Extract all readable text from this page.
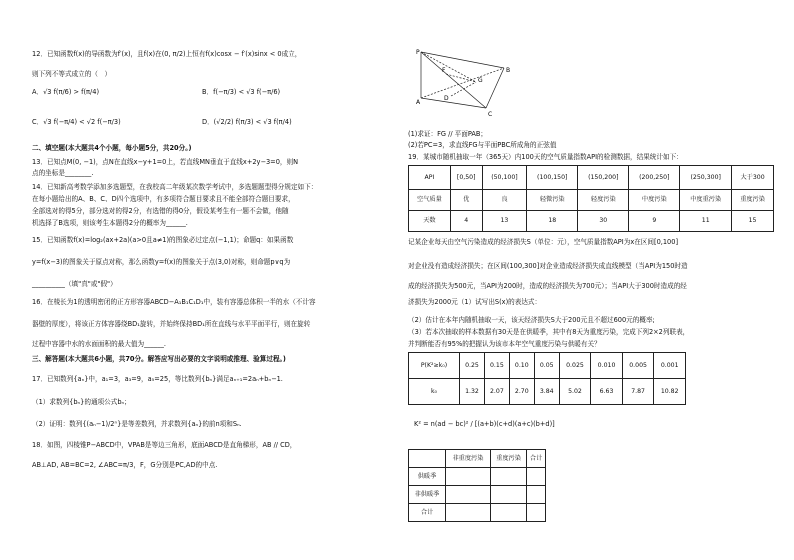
12．已知函数f(x)的导函数为f′(x)，且f(x)在(0, π/2)上恒有f(x)cosx − f′(x)sinx < 0成立，
则下列不等式成立的（　）
A．√3 f(π/6) > f(π/4)	B．f(−π/3) < √3 f(−π/6)
C．√3 f(−π/4) < √2 f(−π/3)	D．(√2/2) f(π/3) < √3 f(π/4)
二、填空题(本大题共4个小题，每小题5分，共20分。)
13．已知点M(0, −1)，点N在直线x−y+1=0上，若直线MN垂直于直线x+2y−3=0，则N
点的坐标是________.
14．已知新高考数学添加多选题型，在我校高二年级某次数学考试中，多选题题型得分规定如下：
在每小题给出的A、B、C、D四个选项中，有多项符合题目要求且不能全部符合题目要求，
全部选对的得5分，部分选对的得2分，有选错的得0分，假设某考生有一题不会做，他随
机选择了B选项，则该考生本题得2分的概率为______.
15．已知函数f(x)=log₂(ax+2a)(a>0且a≠1)的图象必过定点(−1,1)；命题q：如果函数
y=f(x−3)的图象关于原点对称，那么函数y=f(x)的图象关于点(3,0)对称，则命题p∨q为
__________（填"真"或"假"）
16．在棱长为1的透明密闭的正方形容器ABCD−A₁B₁C₁D₁中，装有容器总体积一半的水（不计容
器壁的厚度），将该正方体容器绕BD₁旋转，并始终保持BD₁所在直线与水平平面平行，则在旋转
过程中容器中水的水面面积的最大值为______.
三、解答题(本大题共6小题，共70分。解答应写出必要的文字说明或推理、验算过程。)
17．已知数列{aₙ}中，a₁=3，a₃=9，a₅=25，等比数列{bₙ}满足aₙ₊₁=2aₙ+bₙ−1.
（1）求数列{bₙ}的通项公式bₙ；
（2）证明：数列{(aₙ−1)/2ⁿ}是等差数列，并求数列{aₙ}的前n项和Sₙ.
18．如图，四棱锥P−ABCD中，VPAB是等边三角形，底面ABCD是直角梯形，AB // CD，
AB⊥AD, AB=BC=2, ∠ABC=π/3，F，G分别是PC,AD的中点.
P
F
G
A
B
C
D
(1)求证：FG // 平面PAB；
(2)若PC=3，求直线FG与平面PBC所成角的正弦值
19．某城市随机抽取一年（365天）内100天的空气质量指数API的检测数据，结果统计如下：
API	[0,50]	(50,100]	(100,150]	(150,200]	(200,250]	(250,300]	大于300
空气质量	优	良	轻微污染	轻度污染	中度污染	中度重污染	重度污染
天数	4	13	18	30	9	11	15
记某企业每天由空气污染造成的经济损失S（单位：元），空气质量指数API为x在区间[0,100]
对企业没有造成经济损失；在区间(100,300]对企业造成经济损失成直线模型（当API为150时造
成的经济损失为500元，当API为200时，造成的经济损失为700元）；当API大于300时造成的经
济损失为2000元（1）试写出S(x)的表达式：
（2）估计在本年内随机抽取一天，该天经济损失S大于200元且不超过600元的概率;
（3）若本次抽取的样本数据有30天是在供暖季，其中有8天为重度污染，完成下列2×2列联表，
并判断能否有95%的把握认为该市本年空气重度污染与供暖有关？
P(K²≥k₀)	0.25	0.15	0.10	0.05	0.025	0.010	0.005	0.001
k₀	1.32	2.07	2.70	3.84	5.02	6.63	7.87	10.82
K² = n(ad − bc)² / [(a+b)(c+d)(a+c)(b+d)]
	非重度污染	重度污染	合计
供暖季			
非供暖季			
合计			
